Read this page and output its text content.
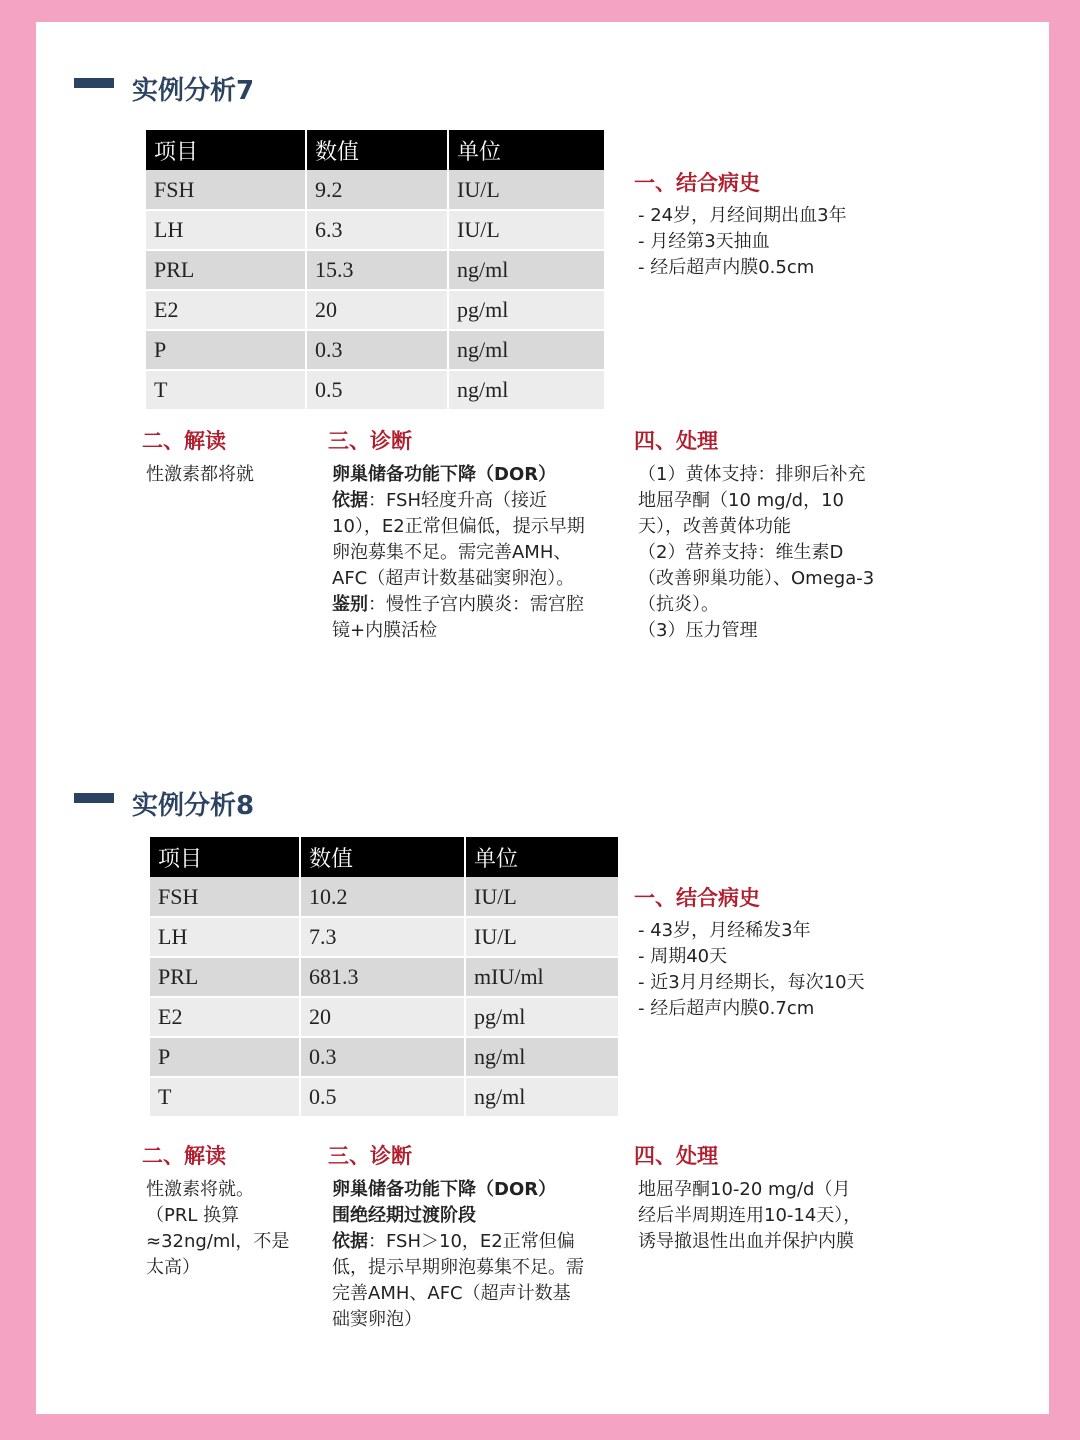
实例分析7
项目	数值	单位
FSH	9.2	IU/L
LH	6.3	IU/L
PRL	15.3	ng/ml
E2	20	pg/ml
P	0.3	ng/ml
T	0.5	ng/ml
一、结合病史
- 24岁，月经间期出血3年
- 月经第3天抽血
- 经后超声内膜0.5cm
二、解读
性激素都将就
三、诊断
卵巢储备功能下降（DOR）
依据：FSH轻度升高（接近10），E2正常但偏低，提示早期卵泡募集不足。需完善AMH、AFC（超声计数基础窦卵泡）。
鉴别：慢性子宫内膜炎：需宫腔镜+内膜活检
四、处理
（1）黄体支持：排卵后补充地屈孕酮（10 mg/d，10天），改善黄体功能
（2）营养支持：维生素D（改善卵巢功能）、Omega-3（抗炎）。
（3）压力管理
实例分析8
项目	数值	单位
FSH	10.2	IU/L
LH	7.3	IU/L
PRL	681.3	mIU/ml
E2	20	pg/ml
P	0.3	ng/ml
T	0.5	ng/ml
一、结合病史
- 43岁，月经稀发3年
- 周期40天
- 近3月月经期长，每次10天
- 经后超声内膜0.7cm
二、解读
性激素将就。
（PRL 换算≈32ng/ml，不是太高）
三、诊断
卵巢储备功能下降（DOR）
围绝经期过渡阶段
依据：FSH＞10，E2正常但偏低，提示早期卵泡募集不足。需完善AMH、AFC（超声计数基础窦卵泡）
四、处理
地屈孕酮10-20 mg/d（月经后半周期连用10-14天），诱导撤退性出血并保护内膜
